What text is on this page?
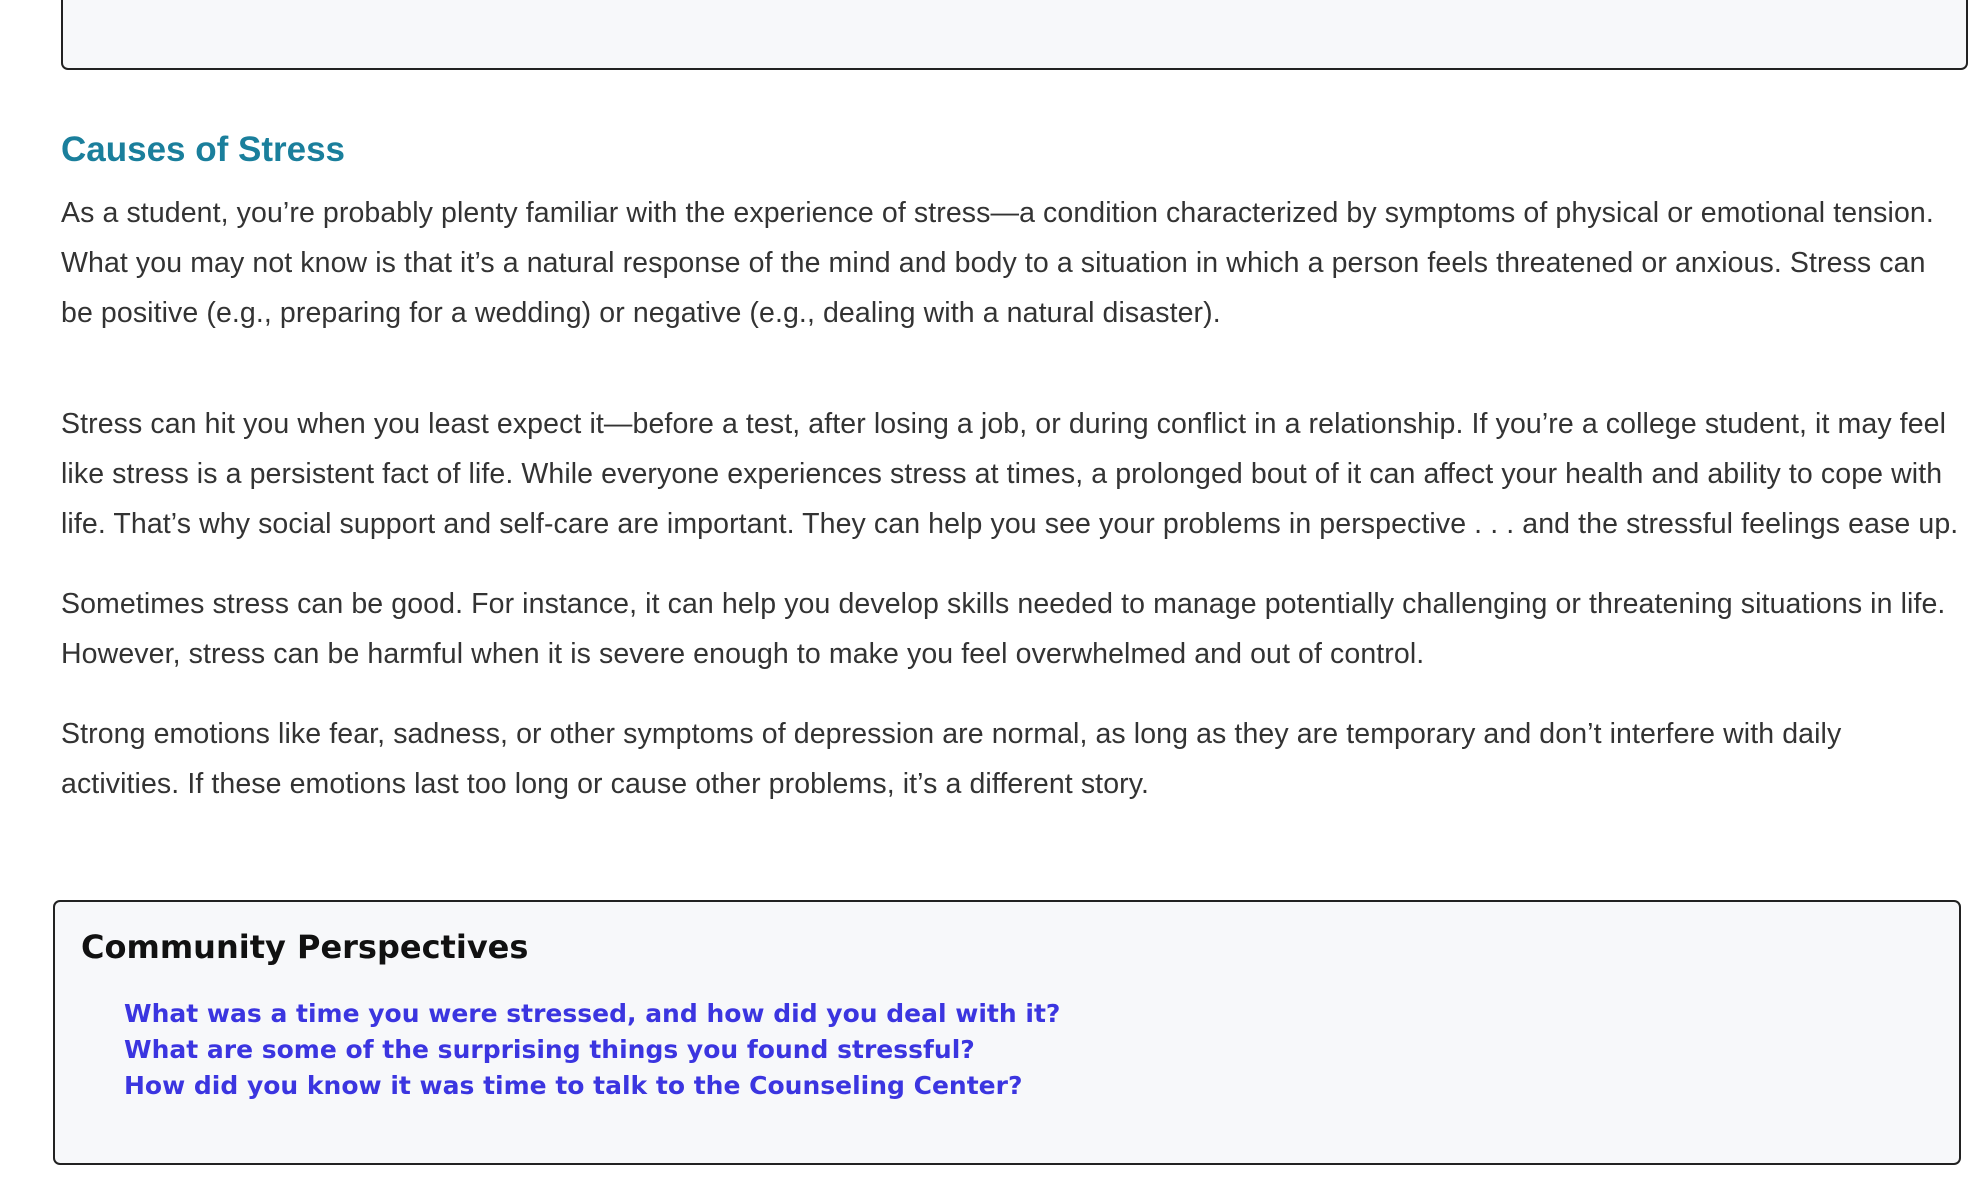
Causes of Stress

As a student, you’re probably plenty familiar with the experience of stress—a condition characterized by symptoms of physical or emotional tension. What you may not know is that it’s a natural response of the mind and body to a situation in which a person feels threatened or anxious. Stress can be positive (e.g., preparing for a wedding) or negative (e.g., dealing with a natural disaster).

Stress can hit you when you least expect it—before a test, after losing a job, or during conflict in a relationship. If you’re a college student, it may feel like stress is a persistent fact of life. While everyone experiences stress at times, a prolonged bout of it can affect your health and ability to cope with life. That’s why social support and self-care are important. They can help you see your problems in perspective . . . and the stressful feelings ease up.

Sometimes stress can be good. For instance, it can help you develop skills needed to manage potentially challenging or threatening situations in life. However, stress can be harmful when it is severe enough to make you feel overwhelmed and out of control.

Strong emotions like fear, sadness, or other symptoms of depression are normal, as long as they are temporary and don’t interfere with daily activities. If these emotions last too long or cause other problems, it’s a different story.

Community Perspectives
What was a time you were stressed, and how did you deal with it?
What are some of the surprising things you found stressful?
How did you know it was time to talk to the Counseling Center?
